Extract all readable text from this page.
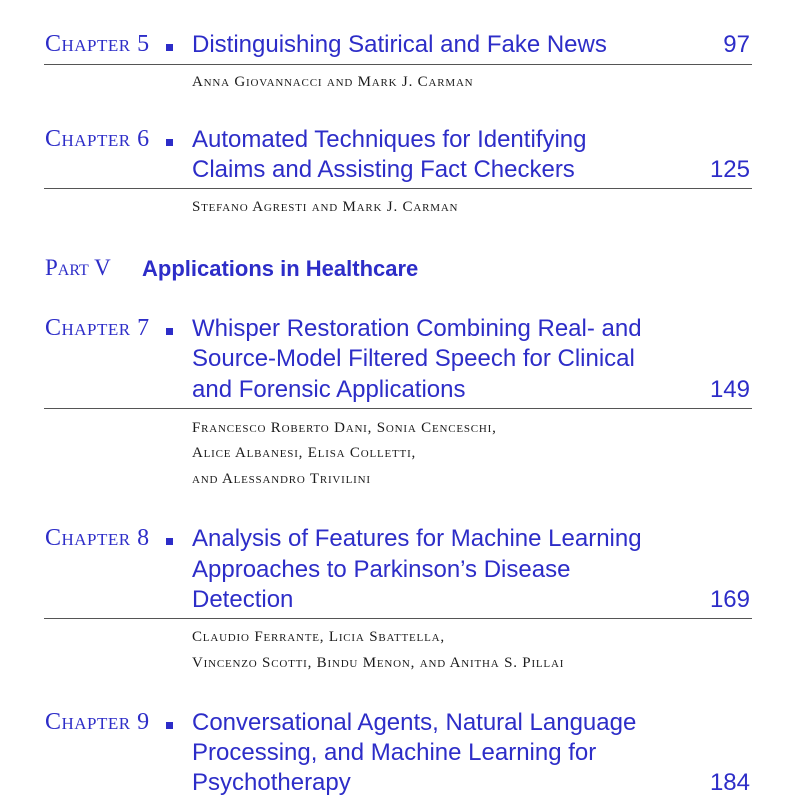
Chapter 5 Distinguishing Satirical and Fake News	97
Anna Giovannacci and Mark J. Carman
Chapter 6 Automated Techniques for Identifying
Claims and Assisting Fact Checkers	125
Stefano Agresti and Mark J. Carman
Part V Applications in Healthcare
Chapter 7 Whisper Restoration Combining Real- and
Source-Model Filtered Speech for Clinical
and Forensic Applications	149
Francesco Roberto Dani, Sonia Cenceschi,
Alice Albanesi, Elisa Colletti,
and Alessandro Trivilini
Chapter 8 Analysis of Features for Machine Learning
Approaches to Parkinson’s Disease
Detection	169
Claudio Ferrante, Licia Sbattella,
Vincenzo Scotti, Bindu Menon, and Anitha S. Pillai
Chapter 9 Conversational Agents, Natural Language
Processing, and Machine Learning for
Psychotherapy	184
